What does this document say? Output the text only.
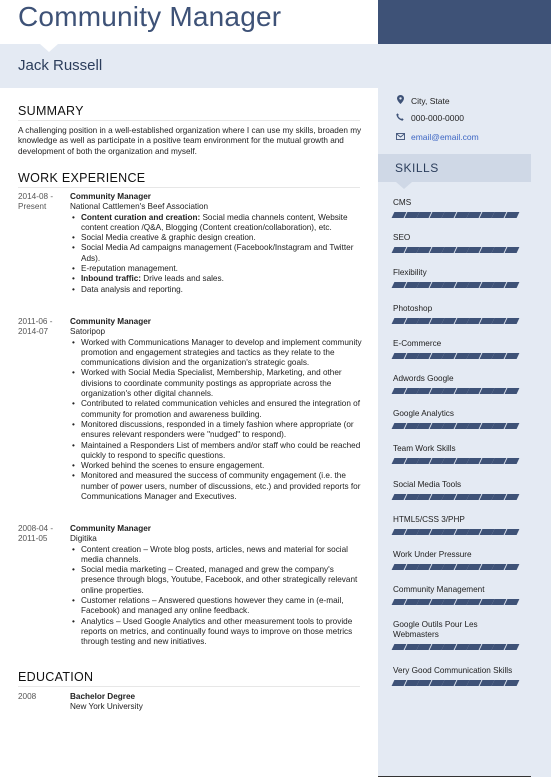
Community Manager
Jack Russell
City, State
000-000-0000
email@email.com
SKILLS
CMS
SEO
Flexibility
Photoshop
E-Commerce
Adwords Google
Google Analytics
Team Work Skills
Social Media Tools
HTML5/CSS 3/PHP
Work Under Pressure
Community Management
Google Outils Pour Les Webmasters
Very Good Communication Skills
SUMMARY
A challenging position in a well-established organization where I can use my skills, broaden my knowledge as well as participate in a positive team environment for the mutual growth and development of both the organization and myself.
WORK EXPERIENCE
2014-08 - Present
Community Manager
National Cattlemen's Beef Association
• Content curation and creation: Social media channels content, Website content creation /Q&A, Blogging (Content creation/collaboration), etc.
• Social Media creative & graphic design creation.
• Social Media Ad campaigns management (Facebook/Instagram and Twitter Ads).
• E-reputation management.
• Inbound traffic: Drive leads and sales.
• Data analysis and reporting.
2011-06 - 2014-07
Community Manager
Satoripop
• Worked with Communications Manager to develop and implement community promotion and engagement strategies and tactics as they relate to the communications division and the organization's strategic goals.
• Worked with Social Media Specialist, Membership, Marketing, and other divisions to coordinate community postings as appropriate across the organization's other digital channels.
• Contributed to related communication vehicles and ensured the integration of community for promotion and awareness building.
• Monitored discussions, responded in a timely fashion where appropriate (or ensures relevant responders were "nudged" to respond).
• Maintained a Responders List of members and/or staff who could be reached quickly to respond to specific questions.
• Worked behind the scenes to ensure engagement.
• Monitored and measured the success of community engagement (i.e. the number of power users, number of discussions, etc.) and provided reports for Communications Manager and Executives.
2008-04 - 2011-05
Community Manager
Digitika
• Content creation – Wrote blog posts, articles, news and material for social media channels.
• Social media marketing – Created, managed and grew the company's presence through blogs, Youtube, Facebook, and other strategically relevant online properties.
• Customer relations – Answered questions however they came in (e-mail, Facebook) and managed any online feedback.
• Analytics – Used Google Analytics and other measurement tools to provide reports on metrics, and continually found ways to improve on those metrics through testing and new initiatives.
EDUCATION
2008	Bachelor Degree
New York University
